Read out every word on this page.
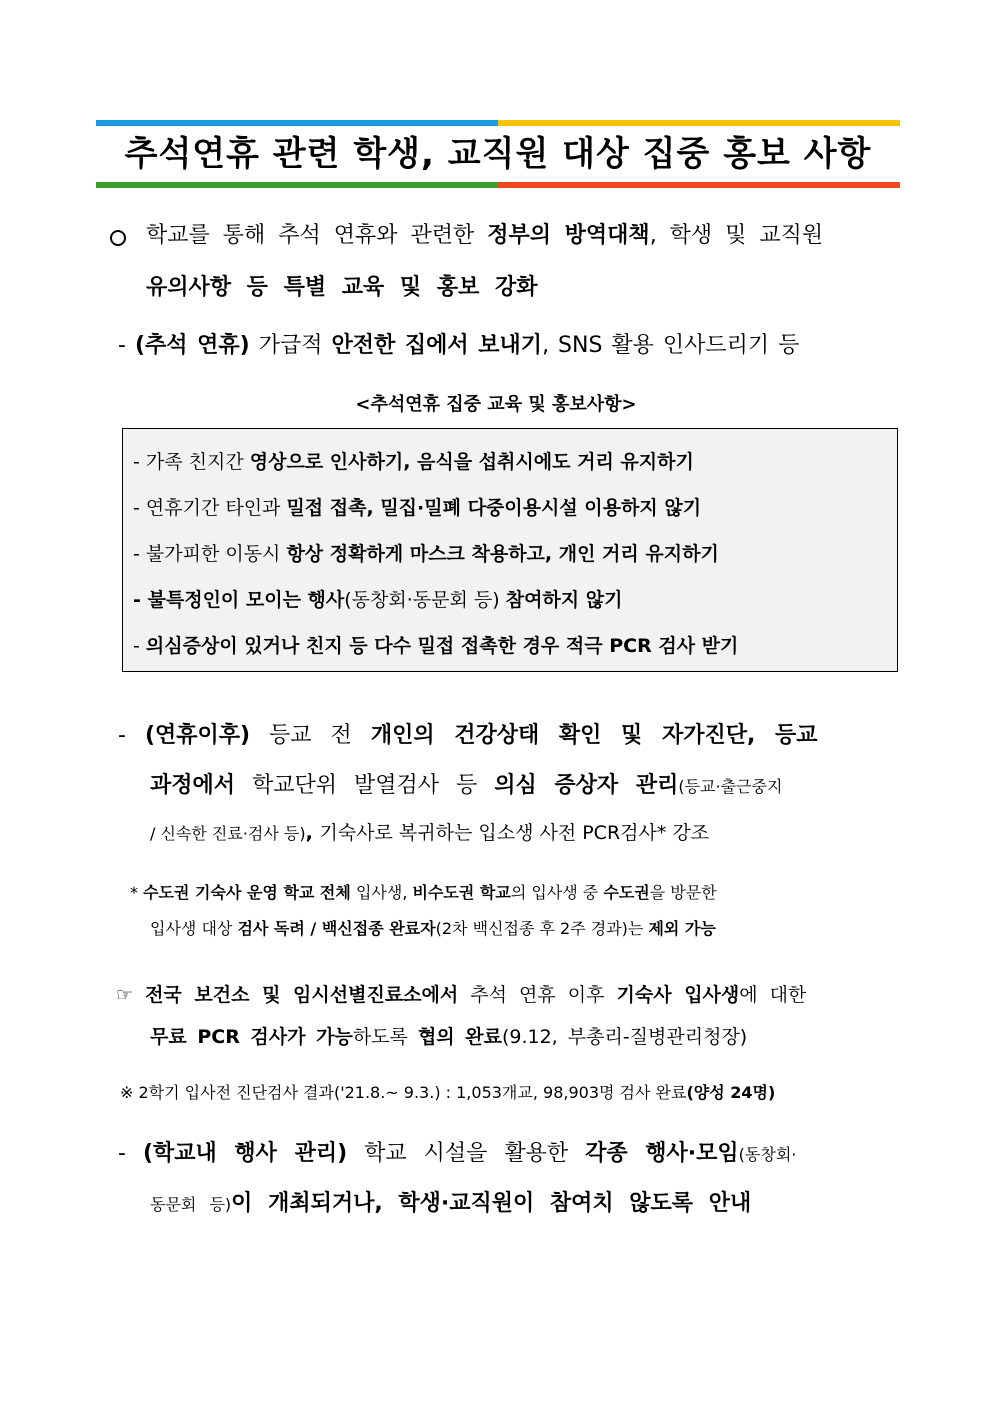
추석연휴 관련 학생, 교직원 대상 집중 홍보 사항
학교를 통해 추석 연휴와 관련한 정부의 방역대책, 학생 및 교직원
유의사항 등 특별 교육 및 홍보 강화
- (추석 연휴) 가급적 안전한 집에서 보내기, SNS 활용 인사드리기 등
<추석연휴 집중 교육 및 홍보사항>
- 가족 친지간 영상으로 인사하기, 음식을 섭취시에도 거리 유지하기
- 연휴기간 타인과 밀접 접촉, 밀집·밀폐 다중이용시설 이용하지 않기
- 불가피한 이동시 항상 정확하게 마스크 착용하고, 개인 거리 유지하기
- 불특정인이 모이는 행사(동창회·동문회 등) 참여하지 않기
- 의심증상이 있거나 친지 등 다수 밀접 접촉한 경우 적극 PCR 검사 받기
- (연휴이후) 등교 전 개인의 건강상태 확인 및 자가진단, 등교
과정에서 학교단위 발열검사 등 의심 증상자 관리(등교·출근중지
/ 신속한 진료·검사 등), 기숙사로 복귀하는 입소생 사전 PCR검사* 강조
* 수도권 기숙사 운영 학교 전체 입사생, 비수도권 학교의 입사생 중 수도권을 방문한
입사생 대상 검사 독려 / 백신접종 완료자(2차 백신접종 후 2주 경과)는 제외 가능
☞ 전국 보건소 및 임시선별진료소에서 추석 연휴 이후 기숙사 입사생에 대한
무료 PCR 검사가 가능하도록 협의 완료(9.12, 부총리-질병관리청장)
※ 2학기 입사전 진단검사 결과('21.8.~ 9.3.) : 1,053개교, 98,903명 검사 완료(양성 24명)
- (학교내 행사 관리) 학교 시설을 활용한 각종 행사·모임(동창회·
동문회 등)이 개최되거나, 학생·교직원이 참여치 않도록 안내
